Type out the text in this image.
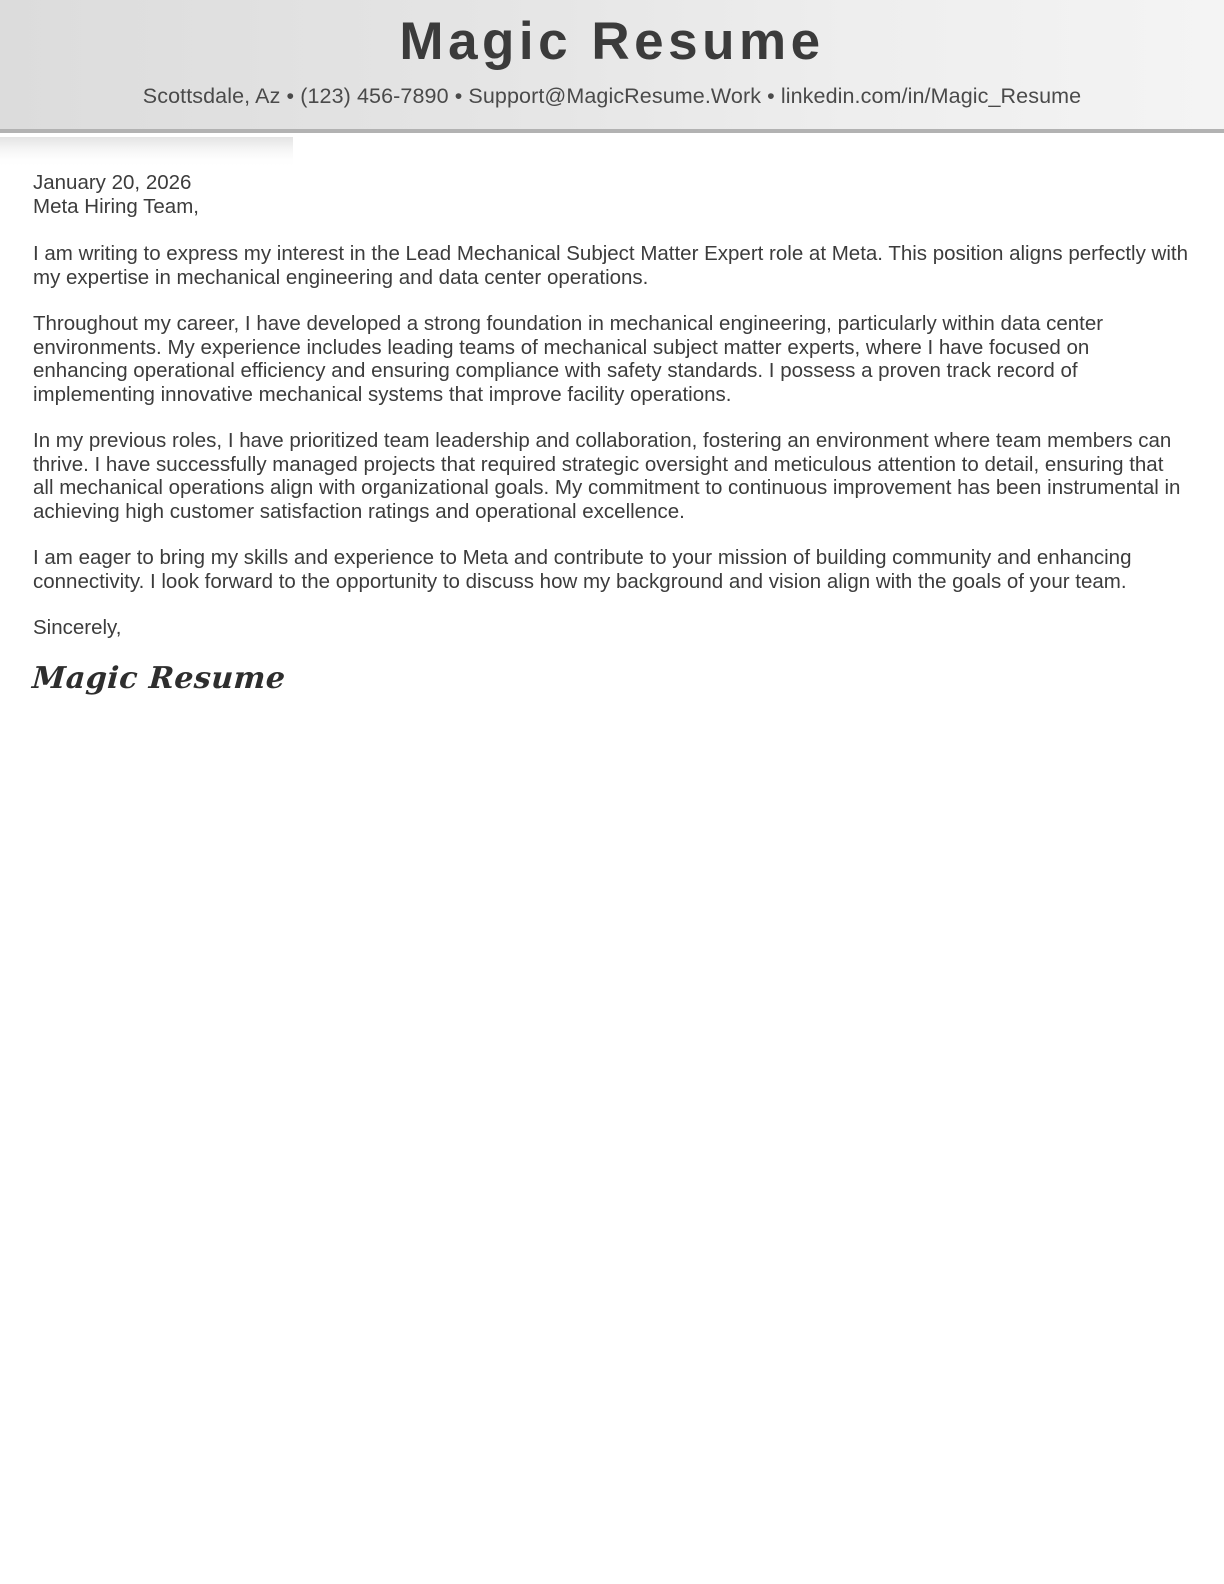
Magic Resume
Scottsdale, Az • (123) 456-7890 • Support@MagicResume.Work • linkedin.com/in/Magic_Resume
January 20, 2026
Meta Hiring Team,

I am writing to express my interest in the Lead Mechanical Subject Matter Expert role at Meta. This position aligns perfectly with my expertise in mechanical engineering and data center operations.

Throughout my career, I have developed a strong foundation in mechanical engineering, particularly within data center environments. My experience includes leading teams of mechanical subject matter experts, where I have focused on enhancing operational efficiency and ensuring compliance with safety standards. I possess a proven track record of implementing innovative mechanical systems that improve facility operations.

In my previous roles, I have prioritized team leadership and collaboration, fostering an environment where team members can thrive. I have successfully managed projects that required strategic oversight and meticulous attention to detail, ensuring that all mechanical operations align with organizational goals. My commitment to continuous improvement has been instrumental in achieving high customer satisfaction ratings and operational excellence.

I am eager to bring my skills and experience to Meta and contribute to your mission of building community and enhancing connectivity. I look forward to the opportunity to discuss how my background and vision align with the goals of your team.

Sincerely,

Magic Resume
